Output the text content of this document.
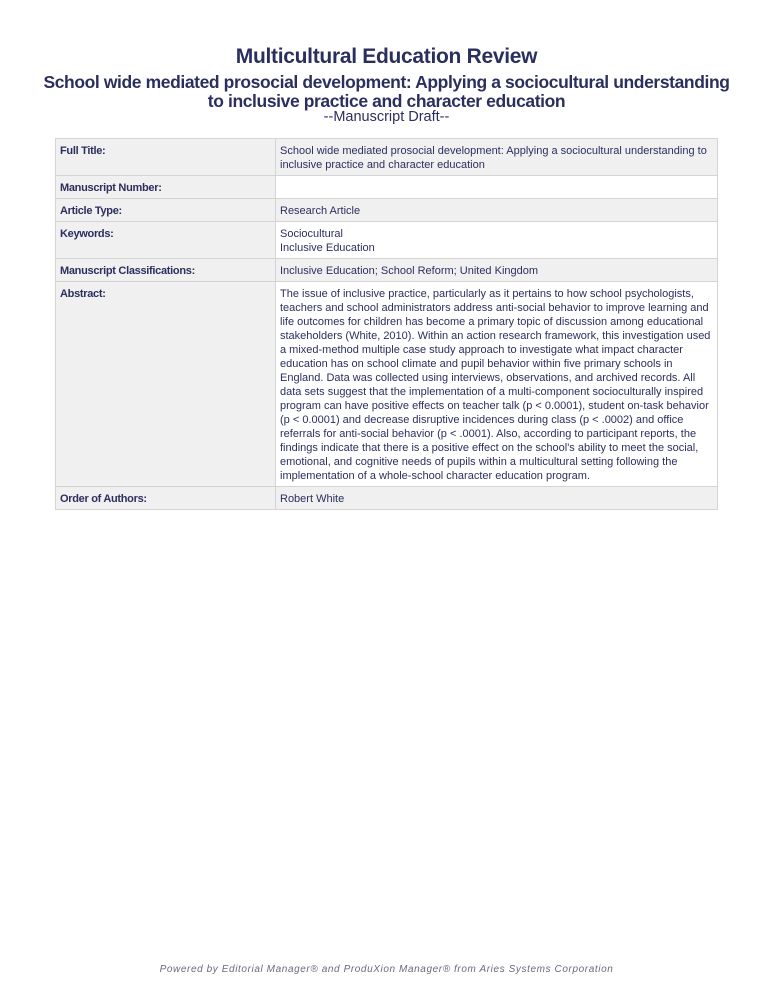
Multicultural Education Review
School wide mediated prosocial development: Applying a sociocultural understanding to inclusive practice and character education
--Manuscript Draft--
Full Title:	School wide mediated prosocial development: Applying a sociocultural understanding to inclusive practice and character education
Manuscript Number:	
Article Type:	Research Article
Keywords:	Sociocultural
Inclusive Education
Manuscript Classifications:	Inclusive Education; School Reform; United Kingdom
Abstract:	The issue of inclusive practice, particularly as it pertains to how school psychologists, teachers and school administrators address anti-social behavior to improve learning and life outcomes for children has become a primary topic of discussion among educational stakeholders (White, 2010). Within an action research framework, this investigation used a mixed-method multiple case study approach to investigate what impact character education has on school climate and pupil behavior within five primary schools in England. Data was collected using interviews, observations, and archived records. All data sets suggest that the implementation of a multi-component socioculturally inspired program can have positive effects on teacher talk (p < 0.0001), student on-task behavior (p < 0.0001) and decrease disruptive incidences during class (p < .0002) and office referrals for anti-social behavior (p < .0001). Also, according to participant reports, the findings indicate that there is a positive effect on the school's ability to meet the social, emotional, and cognitive needs of pupils within a multicultural setting following the implementation of a whole-school character education program.
Order of Authors:	Robert White
Powered by Editorial Manager® and ProduXion Manager® from Aries Systems Corporation
